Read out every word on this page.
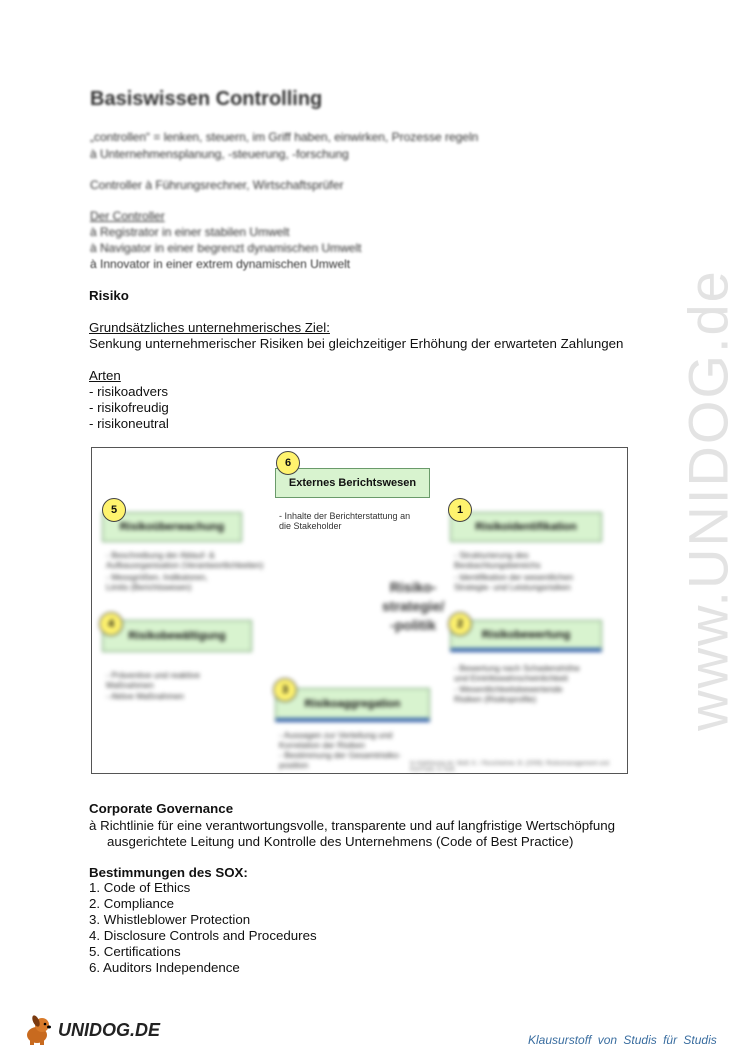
www.UNIDOG.de
Basiswissen Controlling
„controllen“ = lenken, steuern, im Griff haben, einwirken, Prozesse regeln
à Unternehmensplanung, -steuerung, -forschung
Controller à Führungsrechner, Wirtschaftsprüfer
Der Controller
à Registrator in einer stabilen Umwelt
à Navigator in einer begrenzt dynamischen Umwelt
à Innovator in einer extrem dynamischen Umwelt
Risiko
Grundsätzliches unternehmerisches Ziel:
Senkung unternehmerischer Risiken bei gleichzeitiger Erhöhung der erwarteten Zahlungen
Arten
- risikoadvers
- risikofreudig
- risikoneutral
Externes Berichtswesen
6
- Inhalte der Berichterstattung an
die Stakeholder
Risikoüberwachung
- Beschreibung der Ablauf- &
Aufbauorganisation (Verantwortlichkeiten)
- Messgrößen, Indikatoren,
Limits (Berichtswesen)
Risikoidentifikation
- Strukturierung des
Beobachtungsbereichs
- Identifikation der wesentlichen
Strategie- und Leistungsrisiken
Risikobewältigung
4
- Präventive und reaktive
Maßnahmen
- Aktive Maßnahmen
Risikobewertung
2
- Bewertung nach Schadenshöhe
und Eintrittswahrscheinlichkeit
- Wesentlichkeitsbewertende
Risiken (Risikoprofile)
Risikoaggregation
3
- Aussagen zur Verteilung und
Korrelation der Risiken
- Bestimmung der Gesamtrisiko-
position
Risiko-
strategie/
-politik
In Anlehnung an: Wolf, K. / Runzheimer, B. (2009): Risikomanagement und KonTraG, 5. Aufl.
5	1
Corporate Governance
à Richtlinie für eine verantwortungsvolle, transparente und auf langfristige Wertschöpfung
ausgerichtete Leitung und Kontrolle des Unternehmens (Code of Best Practice)
Bestimmungen des SOX:
1. Code of Ethics
2. Compliance
3. Whistleblower Protection
4. Disclosure Controls and Procedures
5. Certifications
6. Auditors Independence
UNIDOG.DE
Klausurstoff von Studis für Studis
